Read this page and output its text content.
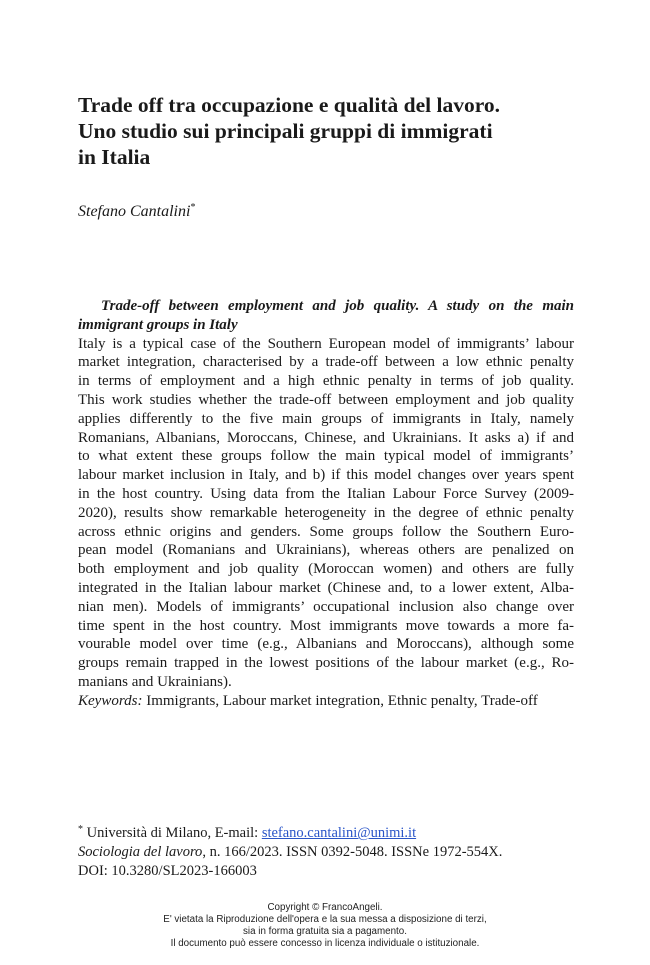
Trade off tra occupazione e qualità del lavoro.
Uno studio sui principali gruppi di immigrati
in Italia
Stefano Cantalini*
Trade-off between employment and job quality. A study on the main
immigrant groups in Italy
Italy is a typical case of the Southern European model of immigrants’ labour
market integration, characterised by a trade-off between a low ethnic penalty
in terms of employment and a high ethnic penalty in terms of job quality.
This work studies whether the trade-off between employment and job quality
applies differently to the five main groups of immigrants in Italy, namely
Romanians, Albanians, Moroccans, Chinese, and Ukrainians. It asks a) if and
to what extent these groups follow the main typical model of immigrants’
labour market inclusion in Italy, and b) if this model changes over years spent
in the host country. Using data from the Italian Labour Force Survey (2009-
2020), results show remarkable heterogeneity in the degree of ethnic penalty
across ethnic origins and genders. Some groups follow the Southern Euro-
pean model (Romanians and Ukrainians), whereas others are penalized on
both employment and job quality (Moroccan women) and others are fully
integrated in the Italian labour market (Chinese and, to a lower extent, Alba-
nian men). Models of immigrants’ occupational inclusion also change over
time spent in the host country. Most immigrants move towards a more fa-
vourable model over time (e.g., Albanians and Moroccans), although some
groups remain trapped in the lowest positions of the labour market (e.g., Ro-
manians and Ukrainians).
Keywords: Immigrants, Labour market integration, Ethnic penalty, Trade-off
* Università di Milano, E-mail: stefano.cantalini@unimi.it
Sociologia del lavoro, n. 166/2023. ISSN 0392-5048. ISSNe 1972-554X.
DOI: 10.3280/SL2023-166003
Copyright © FrancoAngeli.
E' vietata la Riproduzione dell'opera e la sua messa a disposizione di terzi,
sia in forma gratuita sia a pagamento.
Il documento può essere concesso in licenza individuale o istituzionale.
